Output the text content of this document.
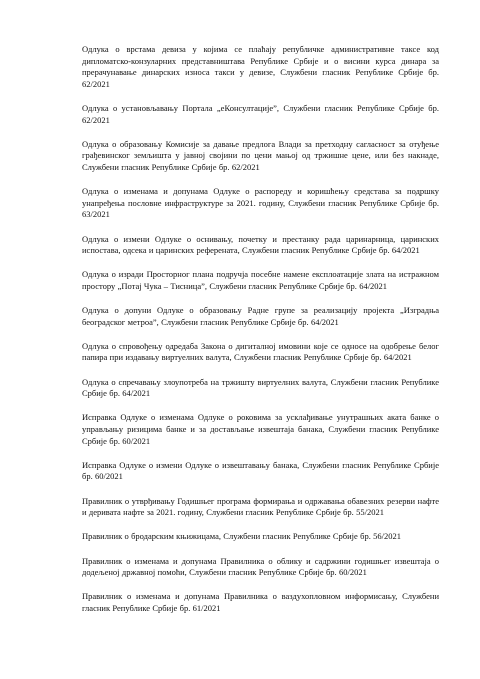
Одлука о врстама девиза у којима се плаћају републичке административне таксе код дипломатско-конзуларних представништава Републике Србије и о висини курса динара за прерачунавање динарских износа такси у девизе, Службени гласник Републике Србије бр. 62/2021

Одлука о установљавању Портала „еКонсултације”, Службени гласник Републике Србије бр. 62/2021

Одлука о образовању Комисије за давање предлога Влади за претходну сагласност за отуђење грађевинског земљишта у јавној својини по цени мањој од тржишне цене, или без накнаде, Службени гласник Републике Србије бр. 62/2021

Одлука о изменама и допунама Одлуке о распореду и коришћењу средстава за подршку унапређења пословне инфраструктуре за 2021. годину, Службени гласник Републике Србије бр. 63/2021

Одлука о измени Одлуке о оснивању, почетку и престанку рада царинарница, царинских испостава, одсека и царинских референата, Службени гласник Републике Србије бр. 64/2021

Одлука о изради Просторног плана подручја посебне намене експлоатације злата на истражном простору „Потај Чука – Тисница”, Службени гласник Републике Србије бр. 64/2021

Одлука о допуни Одлуке о образовању Радне групе за реализацију пројекта „Изградња београдског метроа”, Службени гласник Републике Србије бр. 64/2021

Одлука о спровођењу одредаба Закона о дигиталној имовини које се односе на одобрење белог папира при издавању виртуелних валута, Службени гласник Републике Србије бр. 64/2021

Одлука о спречавању злоупотреба на тржишту виртуелних валута, Службени гласник Републике Србије бр. 64/2021

Исправка Одлуке о изменама Одлуке о роковима за усклађивање унутрашњих аката банке о управљању ризицима банке и за достављање извештаја банака, Службени гласник Републике Србије бр. 60/2021

Исправка Одлуке о измени Одлуке о извештавању банака, Службени гласник Републике Србије бр. 60/2021

Правилник о утврђивању Годишњег програма формирања и одржавања обавезних резерви нафте и деривата нафте за 2021. годину, Службени гласник Републике Србије бр. 55/2021

Правилник о бродарским књижицама, Службени гласник Републике Србије бр. 56/2021

Правилник о изменама и допунама Правилника о облику и садржини годишњег извештаја о додељеној државној помоћи, Службени гласник Републике Србије бр. 60/2021

Правилник о изменама и допунама Правилника о ваздухопловном информисању, Службени гласник Републике Србије бр. 61/2021
